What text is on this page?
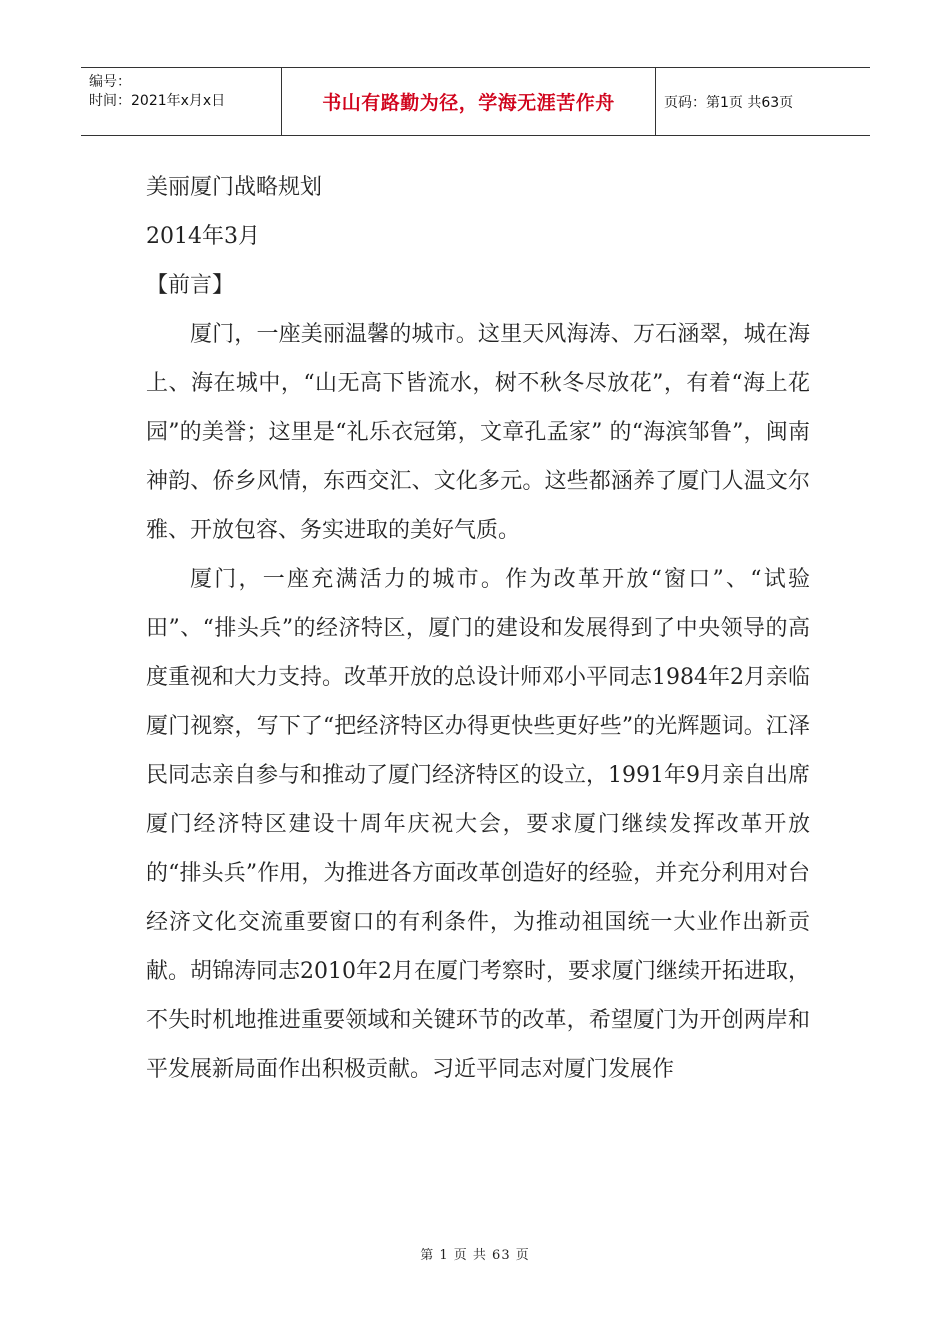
编号：
时间：2021年x月x日	书山有路勤为径，学海无涯苦作舟	页码：第1页 共63页

美丽厦门战略规划

2014年3月

【前言】

厦门，一座美丽温馨的城市。这里天风海涛、万石涵翠，城在海上、海在城中，“山无高下皆流水，树不秋冬尽放花”，有着“海上花园”的美誉；这里是“礼乐衣冠第，文章孔孟家” 的“海滨邹鲁”，闽南神韵、侨乡风情，东西交汇、文化多元。这些都涵养了厦门人温文尔雅、开放包容、务实进取的美好气质。

厦门，一座充满活力的城市。作为改革开放“窗口”、“试验田”、“排头兵”的经济特区，厦门的建设和发展得到了中央领导的高度重视和大力支持。改革开放的总设计师邓小平同志1984年2月亲临厦门视察，写下了“把经济特区办得更快些更好些”的光辉题词。江泽民同志亲自参与和推动了厦门经济特区的设立，1991年9月亲自出席厦门经济特区建设十周年庆祝大会，要求厦门继续发挥改革开放的“排头兵”作用，为推进各方面改革创造好的经验，并充分利用对台经济文化交流重要窗口的有利条件，为推动祖国统一大业作出新贡献。胡锦涛同志2010年2月在厦门考察时，要求厦门继续开拓进取，不失时机地推进重要领域和关键环节的改革，希望厦门为开创两岸和平发展新局面作出积极贡献。习近平同志对厦门发展作

第 1 页 共 63 页
